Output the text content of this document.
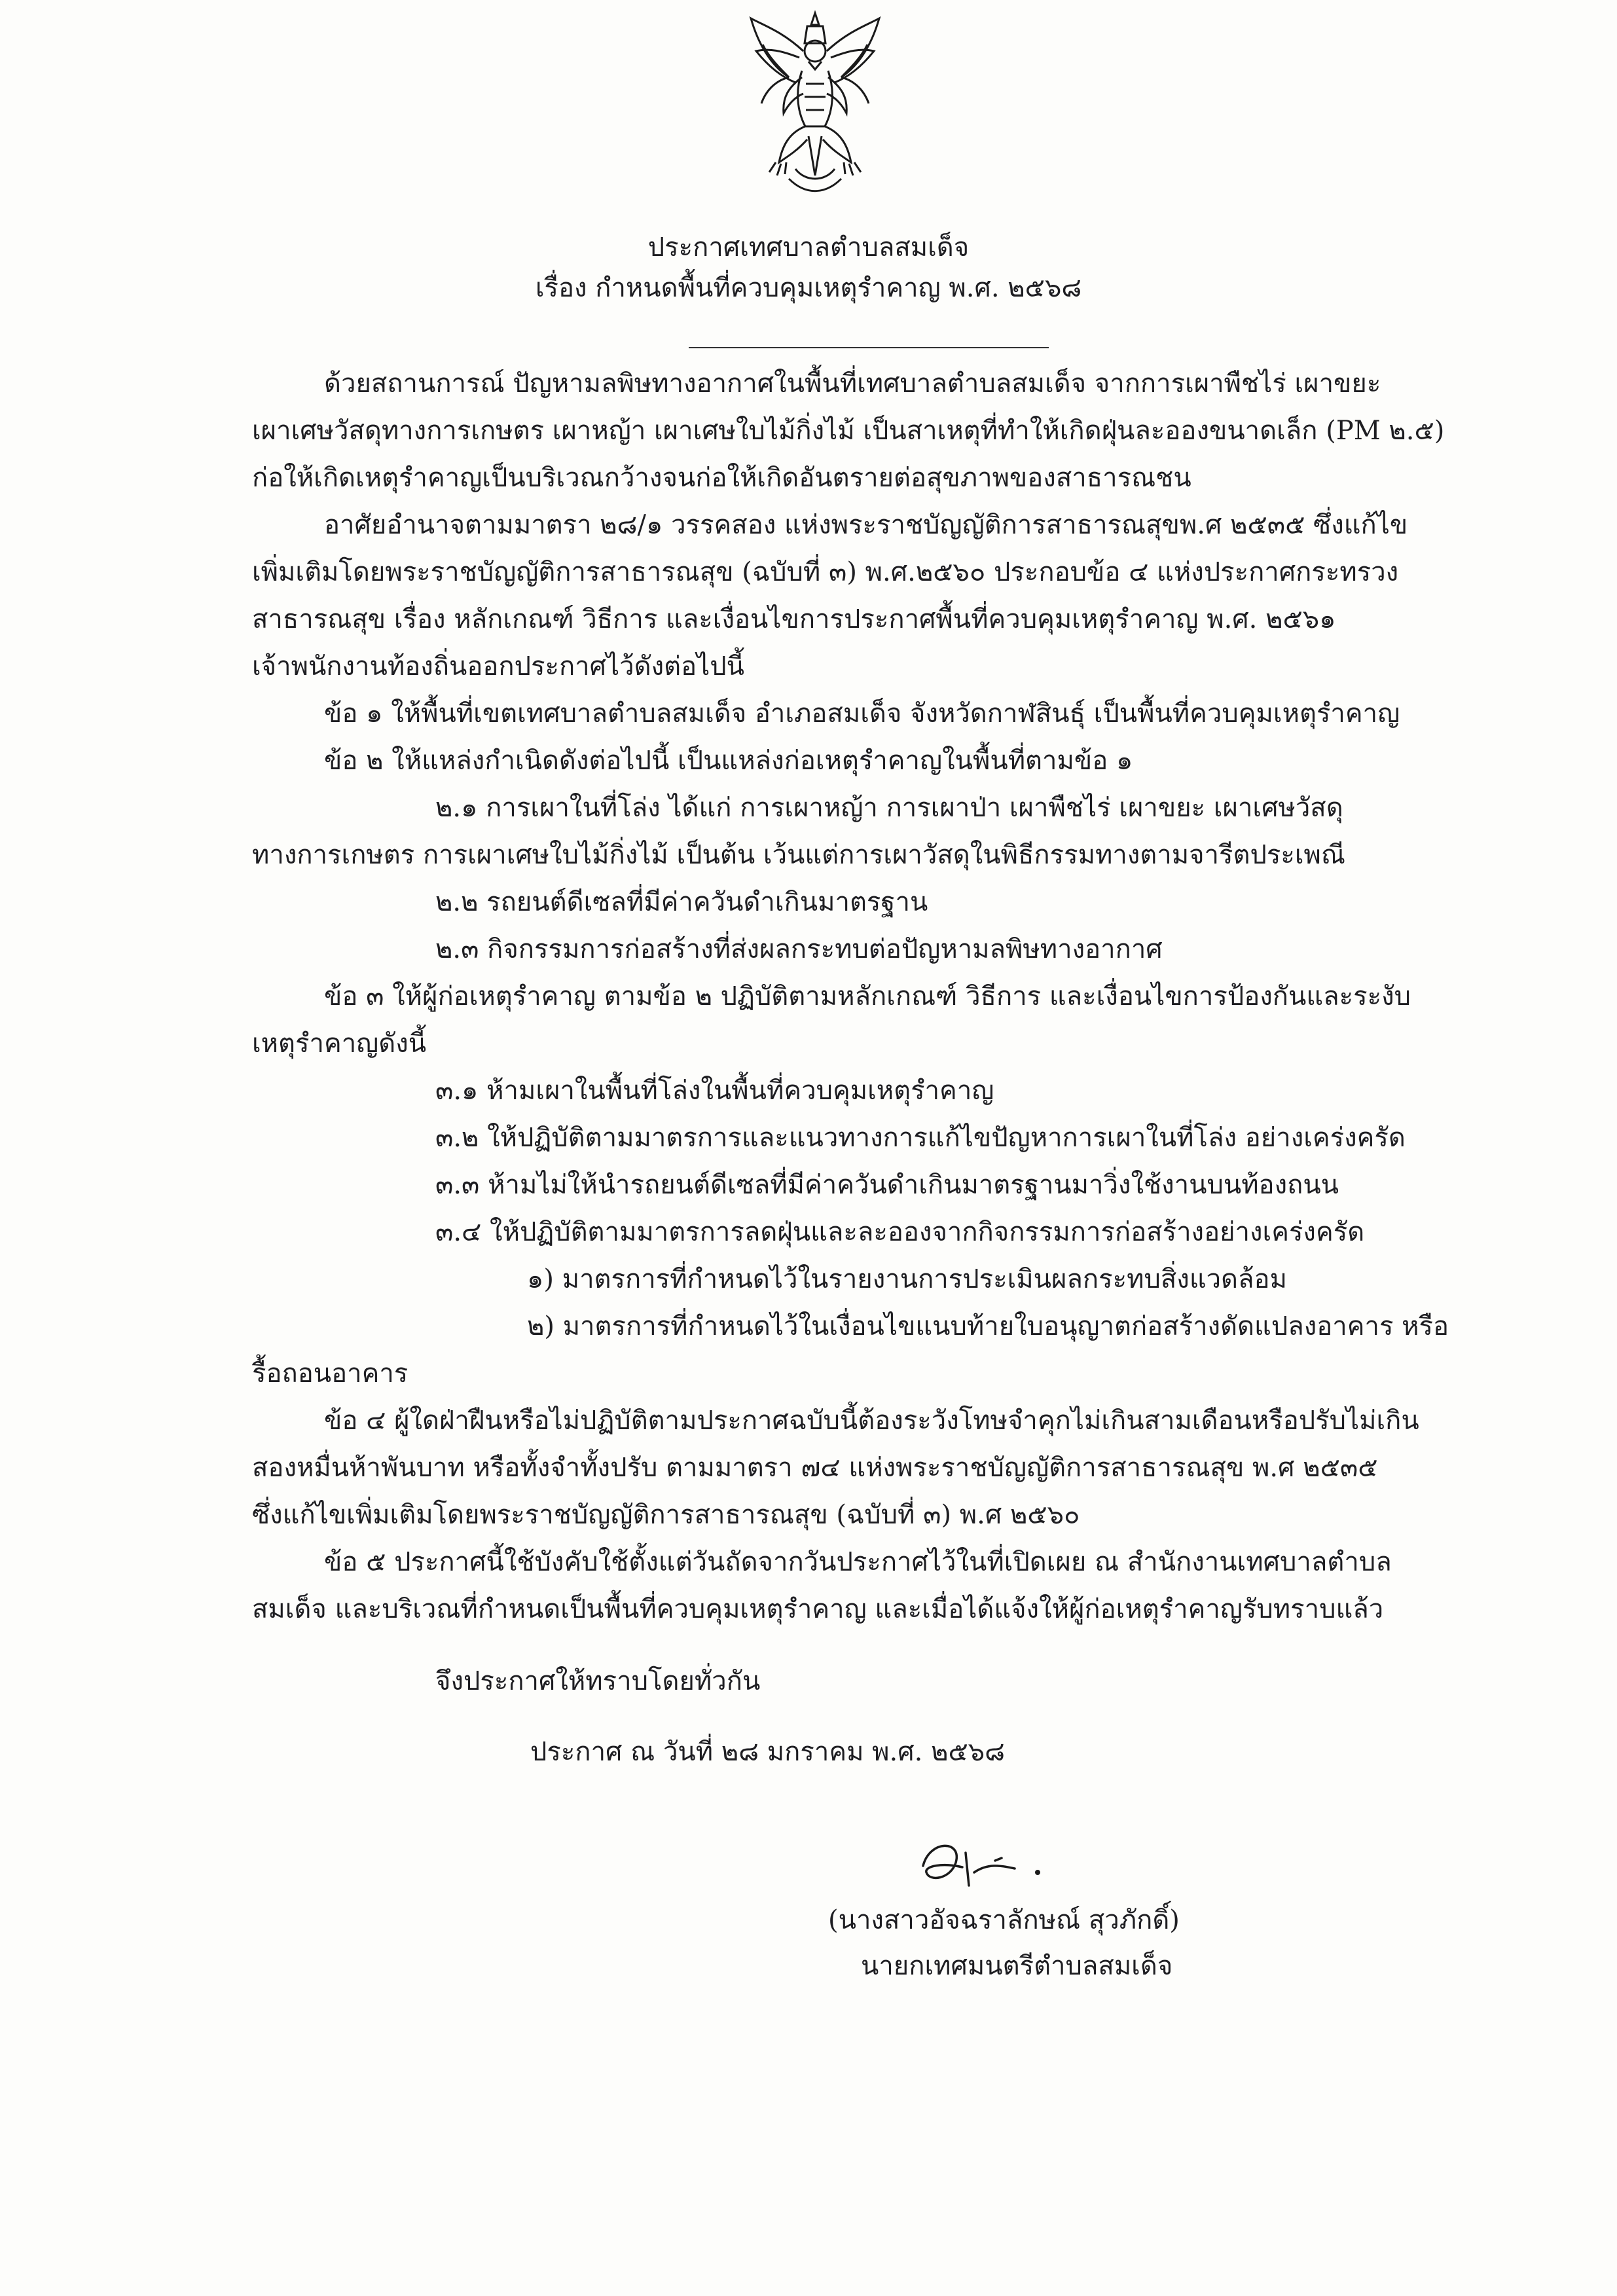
ประกาศเทศบาลตำบลสมเด็จ
เรื่อง กำหนดพื้นที่ควบคุมเหตุรำคาญ พ.ศ. ๒๕๖๘
ด้วยสถานการณ์ ปัญหามลพิษทางอากาศในพื้นที่เทศบาลตำบลสมเด็จ จากการเผาพืชไร่ เผาขยะ
เผาเศษวัสดุทางการเกษตร เผาหญ้า เผาเศษใบไม้กิ่งไม้ เป็นสาเหตุที่ทำให้เกิดฝุ่นละอองขนาดเล็ก (PM ๒.๕)
ก่อให้เกิดเหตุรำคาญเป็นบริเวณกว้างจนก่อให้เกิดอันตรายต่อสุขภาพของสาธารณชน
อาศัยอำนาจตามมาตรา ๒๘/๑ วรรคสอง แห่งพระราชบัญญัติการสาธารณสุขพ.ศ ๒๕๓๕ ซึ่งแก้ไข
เพิ่มเติมโดยพระราชบัญญัติการสาธารณสุข (ฉบับที่ ๓) พ.ศ.๒๕๖๐ ประกอบข้อ ๔ แห่งประกาศกระทรวง
สาธารณสุข เรื่อง หลักเกณฑ์ วิธีการ และเงื่อนไขการประกาศพื้นที่ควบคุมเหตุรำคาญ พ.ศ. ๒๕๖๑
เจ้าพนักงานท้องถิ่นออกประกาศไว้ดังต่อไปนี้
ข้อ ๑ ให้พื้นที่เขตเทศบาลตำบลสมเด็จ อำเภอสมเด็จ จังหวัดกาฬสินธุ์ เป็นพื้นที่ควบคุมเหตุรำคาญ
ข้อ ๒ ให้แหล่งกำเนิดดังต่อไปนี้ เป็นแหล่งก่อเหตุรำคาญในพื้นที่ตามข้อ ๑
๒.๑ การเผาในที่โล่ง ได้แก่ การเผาหญ้า การเผาป่า เผาพืชไร่ เผาขยะ เผาเศษวัสดุ
ทางการเกษตร การเผาเศษใบไม้กิ่งไม้ เป็นต้น เว้นแต่การเผาวัสดุในพิธีกรรมทางตามจารีตประเพณี
๒.๒ รถยนต์ดีเซลที่มีค่าควันดำเกินมาตรฐาน
๒.๓ กิจกรรมการก่อสร้างที่ส่งผลกระทบต่อปัญหามลพิษทางอากาศ
ข้อ ๓ ให้ผู้ก่อเหตุรำคาญ ตามข้อ ๒ ปฏิบัติตามหลักเกณฑ์ วิธีการ และเงื่อนไขการป้องกันและระงับ
เหตุรำคาญดังนี้
๓.๑ ห้ามเผาในพื้นที่โล่งในพื้นที่ควบคุมเหตุรำคาญ
๓.๒ ให้ปฏิบัติตามมาตรการและแนวทางการแก้ไขปัญหาการเผาในที่โล่ง อย่างเคร่งครัด
๓.๓ ห้ามไม่ให้นำรถยนต์ดีเซลที่มีค่าควันดำเกินมาตรฐานมาวิ่งใช้งานบนท้องถนน
๓.๔ ให้ปฏิบัติตามมาตรการลดฝุ่นและละอองจากกิจกรรมการก่อสร้างอย่างเคร่งครัด
๑) มาตรการที่กำหนดไว้ในรายงานการประเมินผลกระทบสิ่งแวดล้อม
๒) มาตรการที่กำหนดไว้ในเงื่อนไขแนบท้ายใบอนุญาตก่อสร้างดัดแปลงอาคาร หรือ
รื้อถอนอาคาร
ข้อ ๔ ผู้ใดฝ่าฝืนหรือไม่ปฏิบัติตามประกาศฉบับนี้ต้องระวังโทษจำคุกไม่เกินสามเดือนหรือปรับไม่เกิน
สองหมื่นห้าพันบาท หรือทั้งจำทั้งปรับ ตามมาตรา ๗๔ แห่งพระราชบัญญัติการสาธารณสุข พ.ศ ๒๕๓๕
ซึ่งแก้ไขเพิ่มเติมโดยพระราชบัญญัติการสาธารณสุข (ฉบับที่ ๓) พ.ศ ๒๕๖๐
ข้อ ๕ ประกาศนี้ใช้บังคับใช้ตั้งแต่วันถัดจากวันประกาศไว้ในที่เปิดเผย ณ สำนักงานเทศบาลตำบล
สมเด็จ และบริเวณที่กำหนดเป็นพื้นที่ควบคุมเหตุรำคาญ และเมื่อได้แจ้งให้ผู้ก่อเหตุรำคาญรับทราบแล้ว
จึงประกาศให้ทราบโดยทั่วกัน
ประกาศ ณ วันที่ ๒๘ มกราคม พ.ศ. ๒๕๖๘
(นางสาวอัจฉราลักษณ์ สุวภักดิ์)
นายกเทศมนตรีตำบลสมเด็จ
